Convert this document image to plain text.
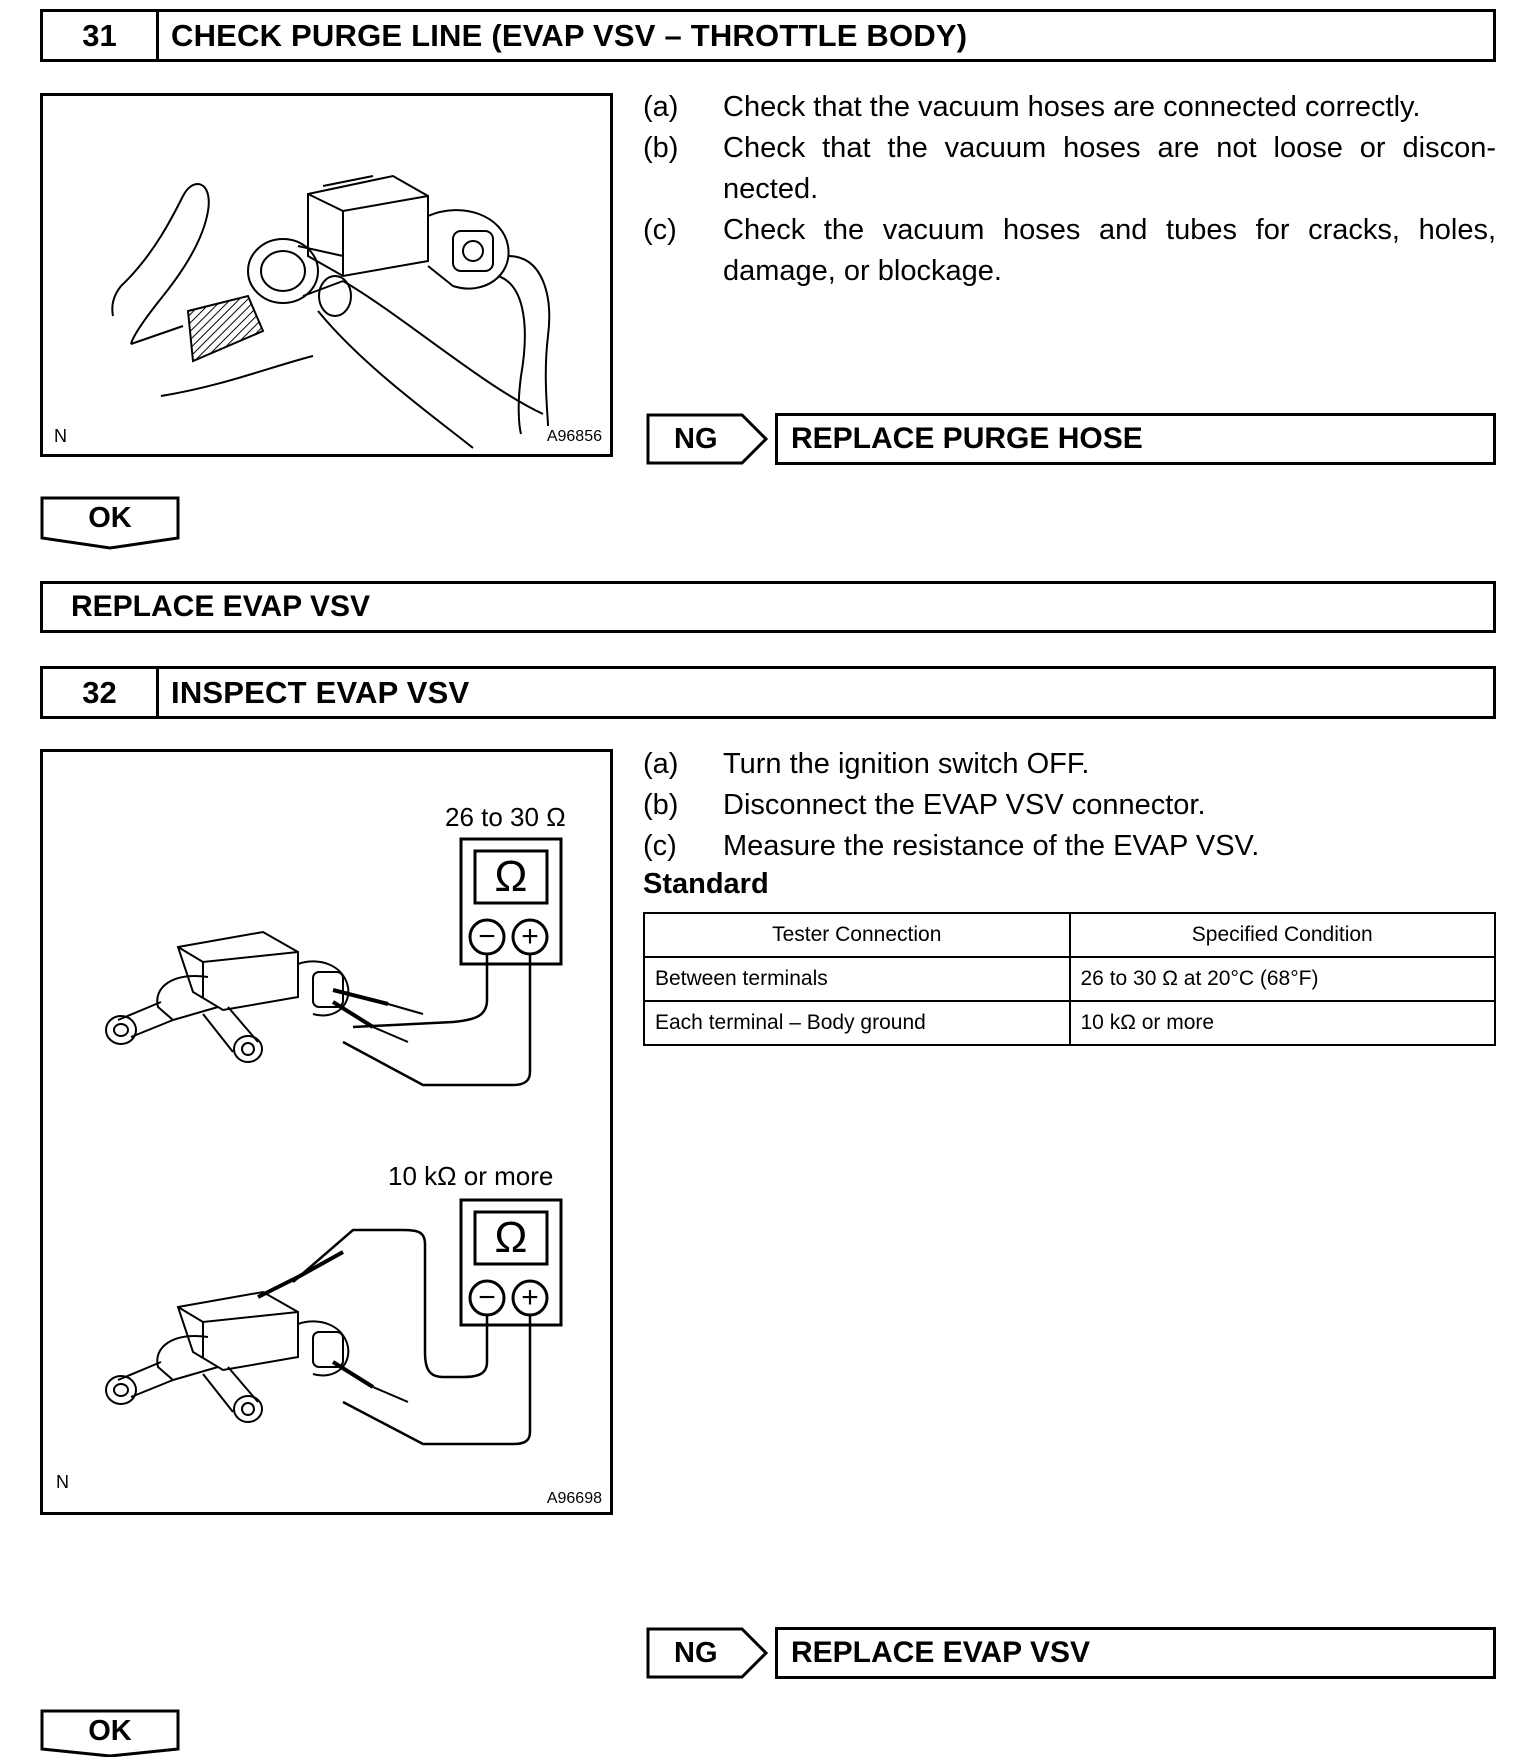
31	CHECK PURGE LINE (EVAP VSV – THROTTLE BODY)
N	A96856
(a)	Check that the vacuum hoses are connected correctly.
(b)	Check that the vacuum hoses are not loose or discon-nected.
(c)	Check the vacuum hoses and tubes for cracks, holes, damage, or blockage.
NG	REPLACE PURGE HOSE
OK
REPLACE EVAP VSV
32	INSPECT EVAP VSV
26 to 30 Ω
10 kΩ or more
Ω
− +
Ω
− +
N
A96698
(a)	Turn the ignition switch OFF.
(b)	Disconnect the EVAP VSV connector.
(c)	Measure the resistance of the EVAP VSV.
Standard
Tester Connection	Specified Condition
Between terminals	26 to 30 Ω at 20°C (68°F)
Each terminal – Body ground	10 kΩ or more
NG	REPLACE EVAP VSV
OK
